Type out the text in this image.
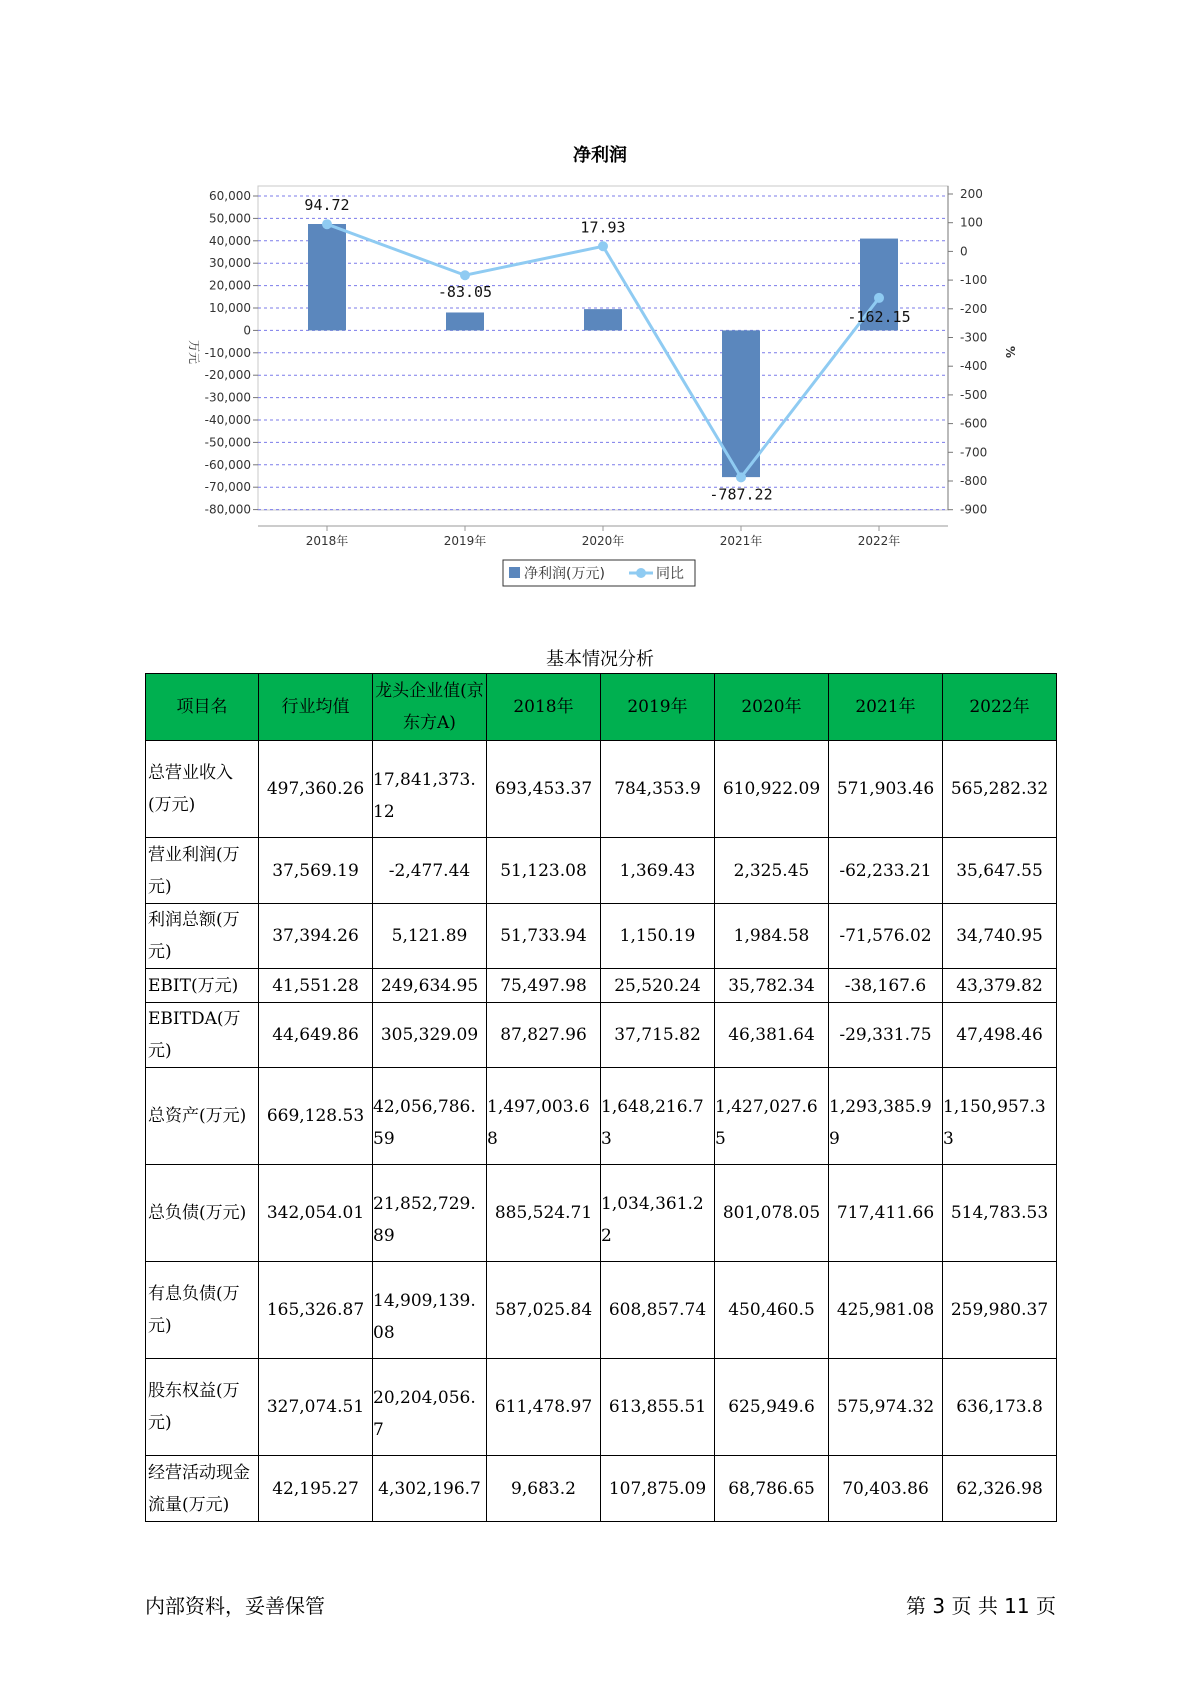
净利润
60,000
50,000
40,000
30,000
20,000
10,000
0
-10,000
-20,000
-30,000
-40,000
-50,000
-60,000
-70,000
-80,000
200
100
0
-100
-200
-300
-400
-500
-600
-700
-800
-900
万元	%
2018年	2019年	2020年	2021年	2022年
94.72
-83.05
17.93
-787.22
-162.15
净利润(万元)	同比
基本情况分析
项目名	行业均值	龙头企业值(京东方A)	2018年	2019年	2020年	2021年	2022年
总营业收入(万元)	497,360.26	17,841,373.12	693,453.37	784,353.9	610,922.09	571,903.46	565,282.32
营业利润(万元)	37,569.19	-2,477.44	51,123.08	1,369.43	2,325.45	-62,233.21	35,647.55
利润总额(万元)	37,394.26	5,121.89	51,733.94	1,150.19	1,984.58	-71,576.02	34,740.95
EBIT(万元)	41,551.28	249,634.95	75,497.98	25,520.24	35,782.34	-38,167.6	43,379.82
EBITDA(万元)	44,649.86	305,329.09	87,827.96	37,715.82	46,381.64	-29,331.75	47,498.46
总资产(万元)	669,128.53	42,056,786.59	1,497,003.68	1,648,216.73	1,427,027.65	1,293,385.99	1,150,957.33
总负债(万元)	342,054.01	21,852,729.89	885,524.71	1,034,361.22	801,078.05	717,411.66	514,783.53
有息负债(万元)	165,326.87	14,909,139.08	587,025.84	608,857.74	450,460.5	425,981.08	259,980.37
股东权益(万元)	327,074.51	20,204,056.7	611,478.97	613,855.51	625,949.6	575,974.32	636,173.8
经营活动现金流量(万元)	42,195.27	4,302,196.7	9,683.2	107,875.09	68,786.65	70,403.86	62,326.98
内部资料，妥善保管	第 3 页 共 11 页
